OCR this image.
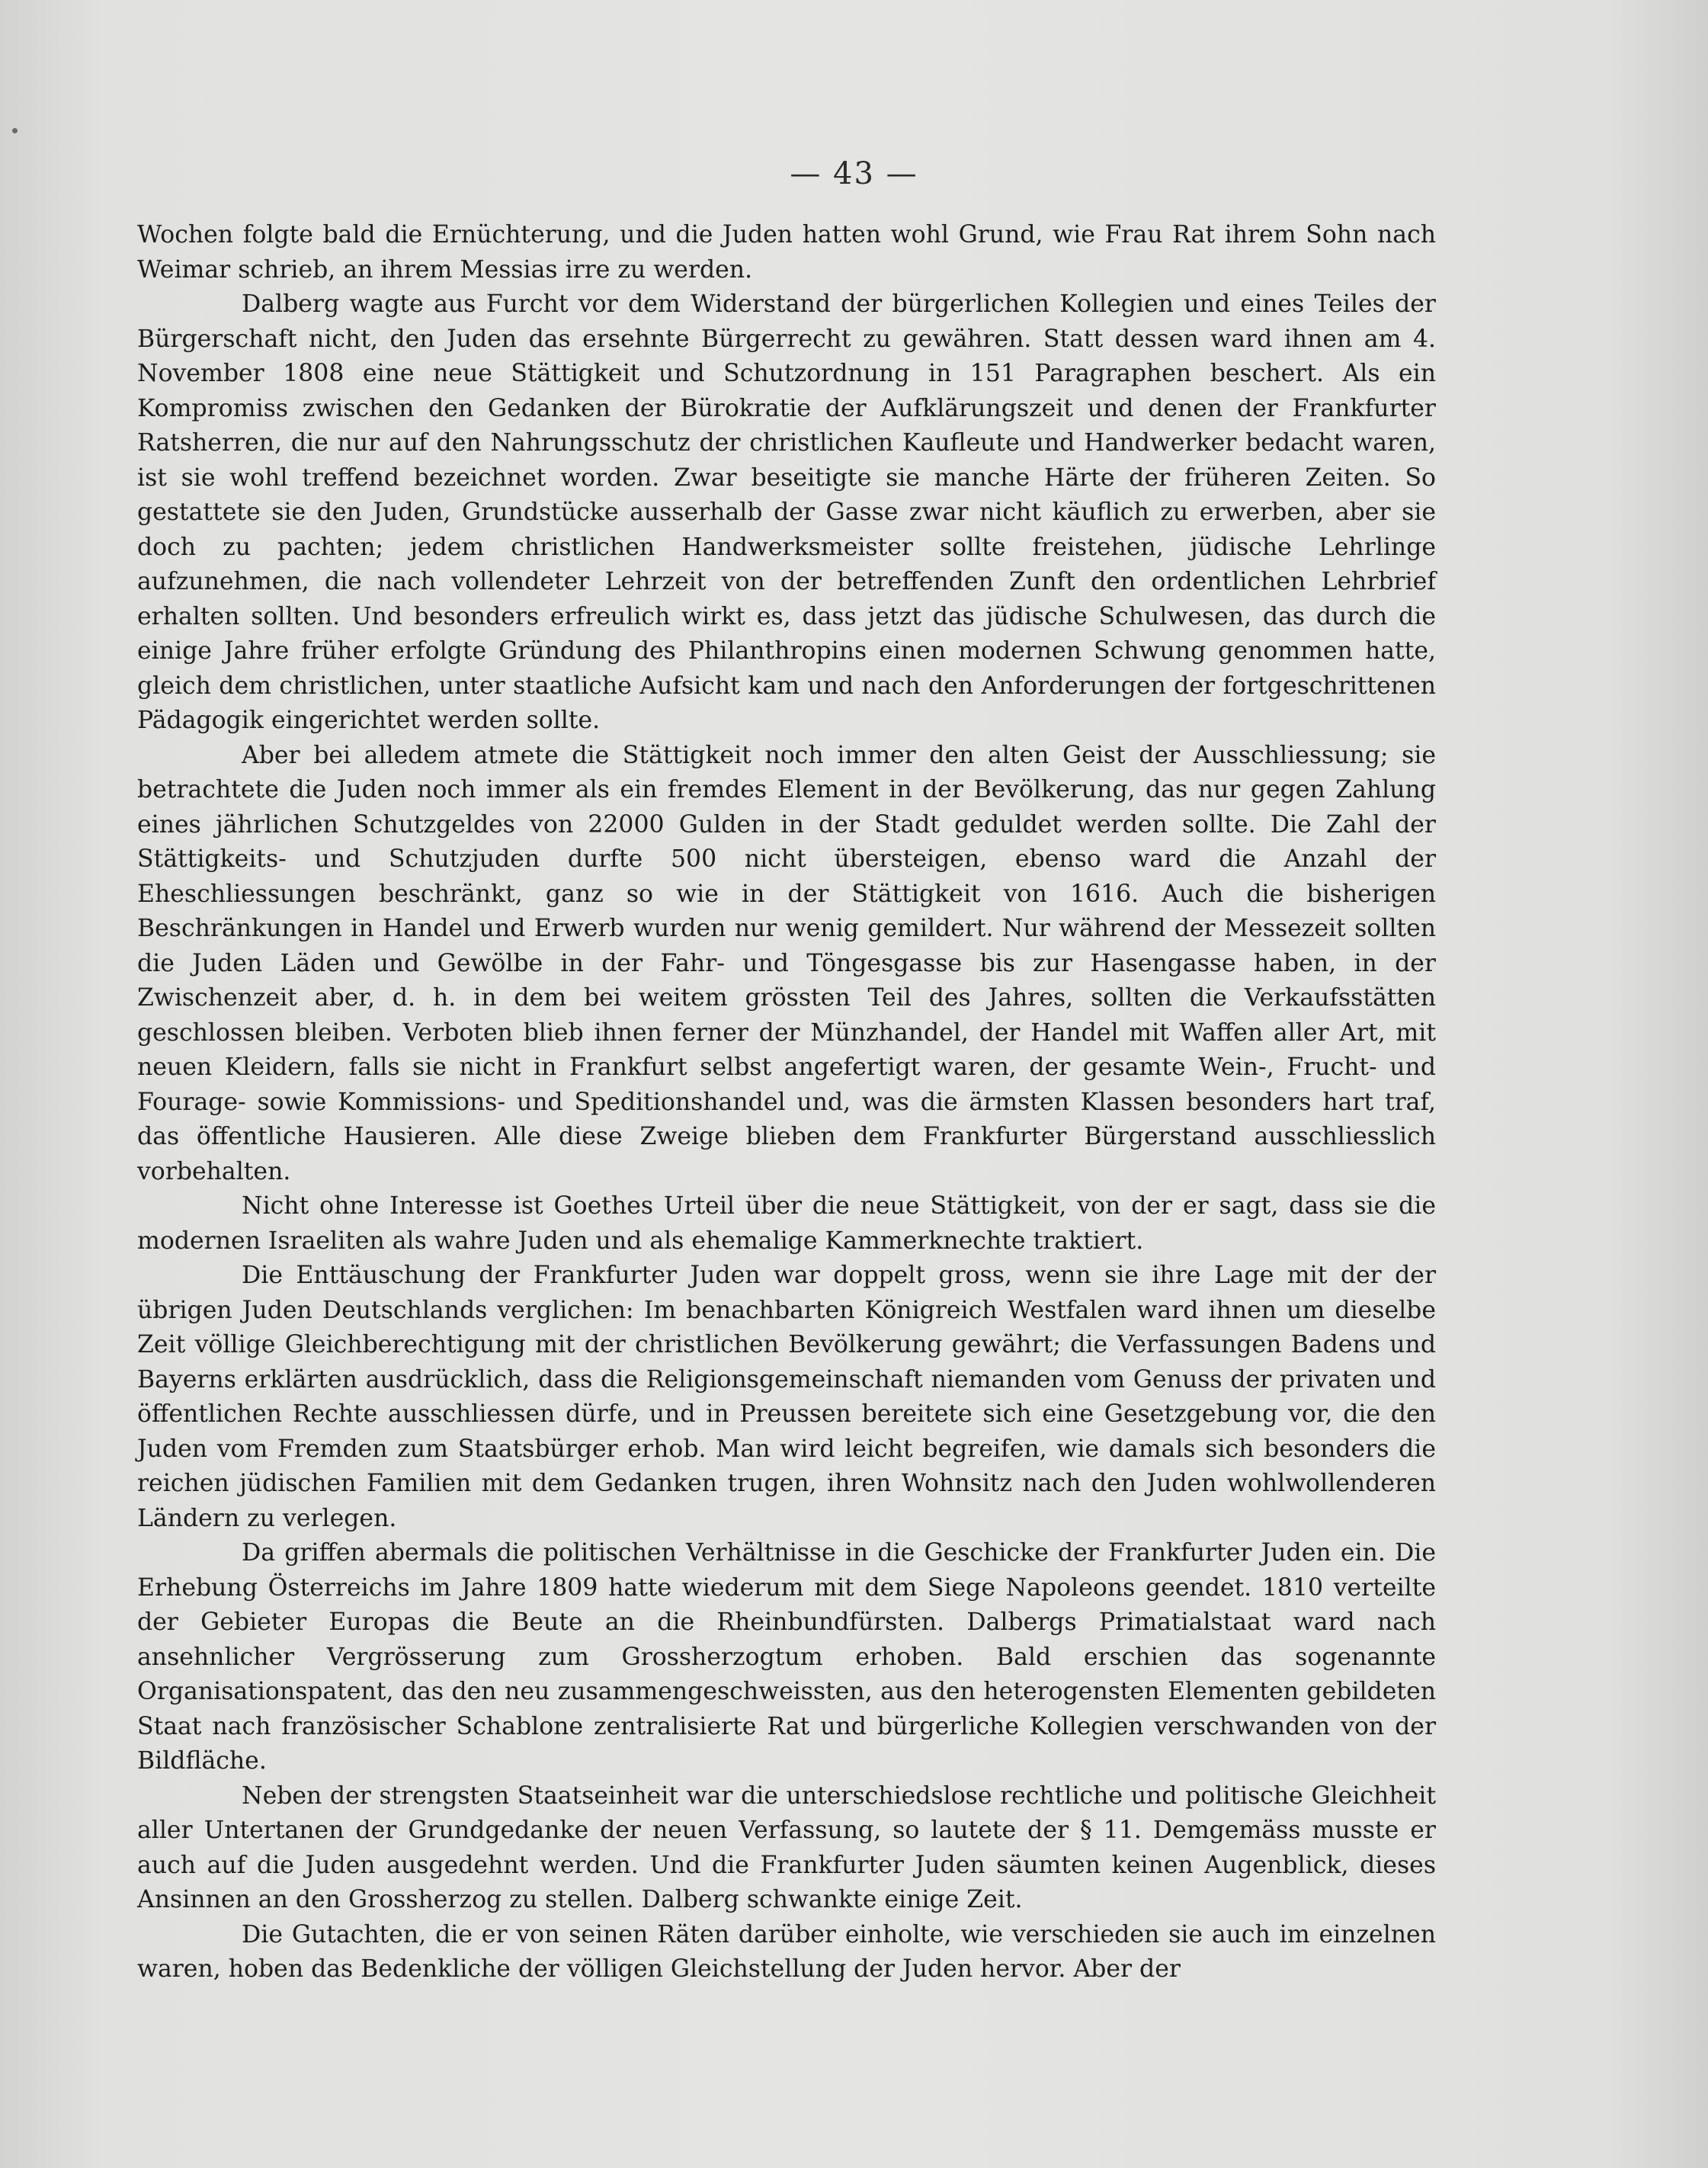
— 43 —

Wochen folgte bald die Ernüchterung, und die Juden hatten wohl Grund, wie Frau Rat ihrem Sohn nach Weimar schrieb, an ihrem Messias irre zu werden.

Dalberg wagte aus Furcht vor dem Widerstand der bürgerlichen Kollegien und eines Teiles der Bürgerschaft nicht, den Juden das ersehnte Bürgerrecht zu gewähren. Statt dessen ward ihnen am 4. November 1808 eine neue Stättigkeit und Schutzordnung in 151 Paragraphen beschert. Als ein Kompromiss zwischen den Gedanken der Bürokratie der Aufklärungszeit und denen der Frankfurter Ratsherren, die nur auf den Nahrungsschutz der christlichen Kaufleute und Handwerker bedacht waren, ist sie wohl treffend bezeichnet worden. Zwar beseitigte sie manche Härte der früheren Zeiten. So gestattete sie den Juden, Grundstücke ausserhalb der Gasse zwar nicht käuflich zu erwerben, aber sie doch zu pachten; jedem christlichen Handwerksmeister sollte freistehen, jüdische Lehrlinge aufzunehmen, die nach vollendeter Lehrzeit von der betreffenden Zunft den ordentlichen Lehrbrief erhalten sollten. Und besonders erfreulich wirkt es, dass jetzt das jüdische Schulwesen, das durch die einige Jahre früher erfolgte Gründung des Philanthropins einen modernen Schwung genommen hatte, gleich dem christlichen, unter staatliche Aufsicht kam und nach den Anforderungen der fortgeschrittenen Pädagogik eingerichtet werden sollte.

Aber bei alledem atmete die Stättigkeit noch immer den alten Geist der Ausschliessung; sie betrachtete die Juden noch immer als ein fremdes Element in der Bevölkerung, das nur gegen Zahlung eines jährlichen Schutzgeldes von 22000 Gulden in der Stadt geduldet werden sollte. Die Zahl der Stättigkeits- und Schutzjuden durfte 500 nicht übersteigen, ebenso ward die Anzahl der Eheschliessungen beschränkt, ganz so wie in der Stättigkeit von 1616. Auch die bisherigen Beschränkungen in Handel und Erwerb wurden nur wenig gemildert. Nur während der Messezeit sollten die Juden Läden und Gewölbe in der Fahr- und Töngesgasse bis zur Hasengasse haben, in der Zwischenzeit aber, d. h. in dem bei weitem grössten Teil des Jahres, sollten die Verkaufsstätten geschlossen bleiben. Verboten blieb ihnen ferner der Münzhandel, der Handel mit Waffen aller Art, mit neuen Kleidern, falls sie nicht in Frankfurt selbst angefertigt waren, der gesamte Wein-, Frucht- und Fourage- sowie Kommissions- und Speditionshandel und, was die ärmsten Klassen besonders hart traf, das öffentliche Hausieren. Alle diese Zweige blieben dem Frankfurter Bürgerstand ausschliesslich vorbehalten.

Nicht ohne Interesse ist Goethes Urteil über die neue Stättigkeit, von der er sagt, dass sie die modernen Israeliten als wahre Juden und als ehemalige Kammerknechte traktiert.

Die Enttäuschung der Frankfurter Juden war doppelt gross, wenn sie ihre Lage mit der der übrigen Juden Deutschlands verglichen: Im benachbarten Königreich Westfalen ward ihnen um dieselbe Zeit völlige Gleichberechtigung mit der christlichen Bevölkerung gewährt; die Verfassungen Badens und Bayerns erklärten ausdrücklich, dass die Religionsgemeinschaft niemanden vom Genuss der privaten und öffentlichen Rechte ausschliessen dürfe, und in Preussen bereitete sich eine Gesetzgebung vor, die den Juden vom Fremden zum Staatsbürger erhob. Man wird leicht begreifen, wie damals sich besonders die reichen jüdischen Familien mit dem Gedanken trugen, ihren Wohnsitz nach den Juden wohlwollenderen Ländern zu verlegen.

Da griffen abermals die politischen Verhältnisse in die Geschicke der Frankfurter Juden ein. Die Erhebung Österreichs im Jahre 1809 hatte wiederum mit dem Siege Napoleons geendet. 1810 verteilte der Gebieter Europas die Beute an die Rheinbundfürsten. Dalbergs Primatialstaat ward nach ansehnlicher Vergrösserung zum Grossherzogtum erhoben. Bald erschien das sogenannte Organisationspatent, das den neu zusammengeschweissten, aus den heterogensten Elementen gebildeten Staat nach französischer Schablone zentralisierte Rat und bürgerliche Kollegien verschwanden von der Bildfläche.

Neben der strengsten Staatseinheit war die unterschiedslose rechtliche und politische Gleichheit aller Untertanen der Grundgedanke der neuen Verfassung, so lautete der § 11. Demgemäss musste er auch auf die Juden ausgedehnt werden. Und die Frankfurter Juden säumten keinen Augenblick, dieses Ansinnen an den Grossherzog zu stellen. Dalberg schwankte einige Zeit.

Die Gutachten, die er von seinen Räten darüber einholte, wie verschieden sie auch im einzelnen waren, hoben das Bedenkliche der völligen Gleichstellung der Juden hervor. Aber der
